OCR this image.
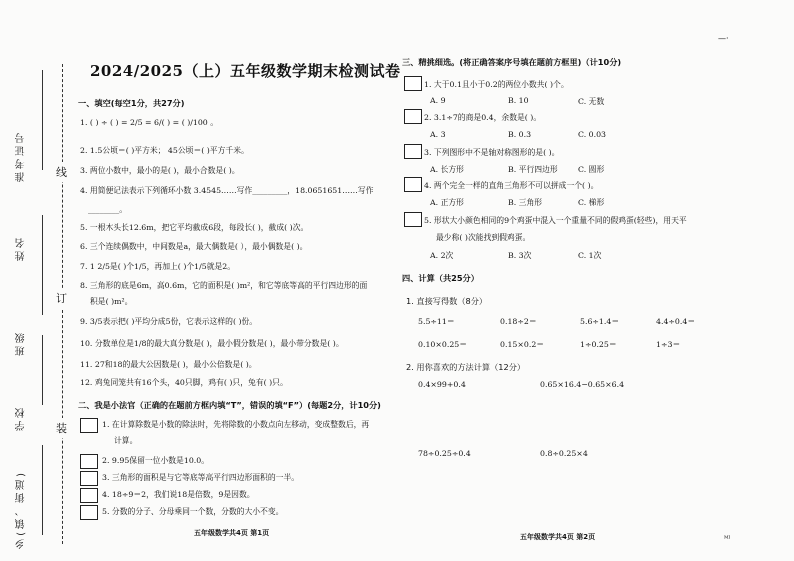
准考证号
姓名
班级
学校
乡(镇、街道)
线
订
装
2024/2025（上）五年级数学期末检测试卷
一、填空(每空1分，共27分)
1. ( ) ÷ ( ) = 2/5 = 6/( ) = ( )/100 。
2. 1.5公顷＝( )平方米； 45公顷＝( )平方千米。
3. 两位小数中，最小的是( )，最小合数是( )。
4. 用简便记法表示下列循环小数 3.4545……写作_________，18.0651651……写作
________。
5. 一根木头长12.6m，把它平均截成6段，每段长( )，截成( )次。
6. 三个连续偶数中，中间数是a，最大偶数是( ），最小偶数是( )。
7. 1 2/5是( )个1/5，再加上( )个1/5就是2。
8. 三角形的底是6m，高0.6m，它的面积是( )m²，和它等底等高的平行四边形的面
积是( )m²。
9. 3/5表示把( )平均分成5份，它表示这样的( )份。
10. 分数单位是1/8的最大真分数是( )，最小假分数是( )，最小带分数是( )。
11. 27和18的最大公因数是( )，最小公倍数是( )。
12. 鸡兔同笼共有16个头，40只脚，鸡有( )只，兔有( )只。
二、我是小法官（正确的在题前方框内填“T”，错误的填“F”）(每题2分，计10分)
1. 在计算除数是小数的除法时，先将除数的小数点向左移动，变成整数后，再
计算。
2. 9.95保留一位小数是10.0。
3. 三角形的面积是与它等底等高平行四边形面积的一半。
4. 18÷9＝2，我们说18是倍数，9是因数。
5. 分数的分子、分母乘同一个数，分数的大小不变。
五年级数学共4页 第1页
—·
三、精挑细选。(将正确答案序号填在题前方框里)（计10分)
1. 大于0.1且小于0.2的两位小数共( )个。
A. 9	B. 10	C. 无数
2. 3.1÷7的商是0.4，余数是( )。
A. 3	B. 0.3	C. 0.03
3. 下列图形中不是轴对称图形的是( )。
A. 长方形	B. 平行四边形	C. 圆形
4. 两个完全一样的直角三角形不可以拼成一个( )。
A. 正方形	B. 三角形	C. 梯形
5. 形状大小颜色相同的9个鸡蛋中混入一个重量不同的假鸡蛋(轻些)，用天平
最少称( )次能找到假鸡蛋。
A. 2次	B. 3次	C. 1次
四、计算（共25分）
1. 直接写得数（8分）
5.5÷11＝	0.18÷2＝	5.6÷1.4＝	4.4÷0.4＝
0.10×0.25＝	0.15×0.2＝	1÷0.25＝	1÷3＝
2. 用你喜欢的方法计算（12分）
0.4×99+0.4	0.65×16.4−0.65×6.4
78÷0.25÷0.4	0.8÷0.25×4
五年级数学共4页 第2页	ᴹᴵ
